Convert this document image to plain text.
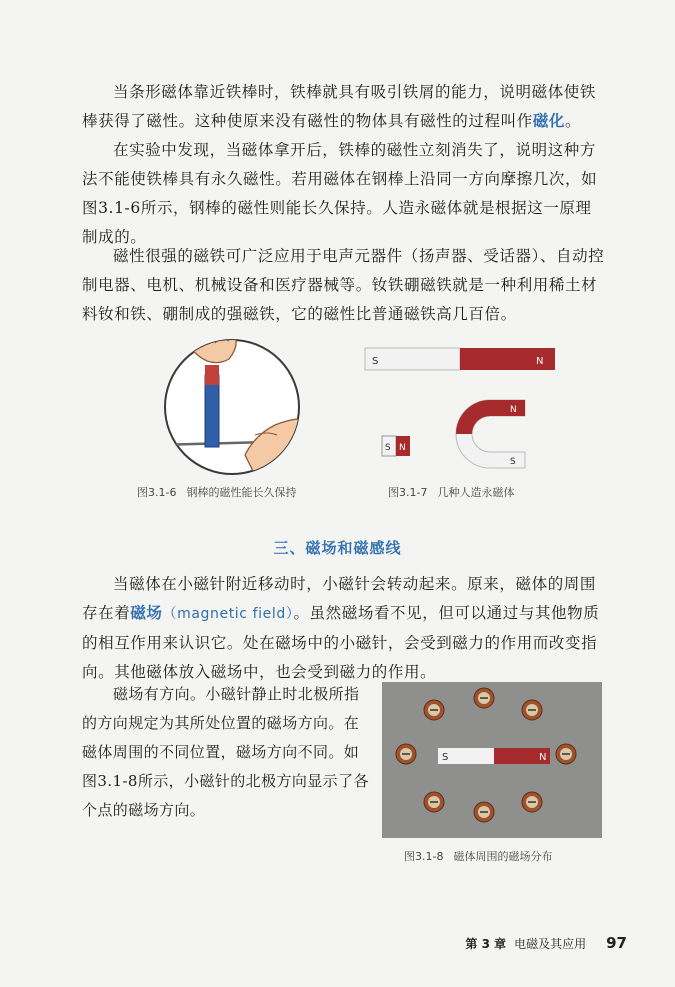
当条形磁体靠近铁棒时，铁棒就具有吸引铁屑的能力，说明磁体使铁棒获得了磁性。这种使原来没有磁性的物体具有磁性的过程叫作磁化。

在实验中发现，当磁体拿开后，铁棒的磁性立刻消失了，说明这种方法不能使铁棒具有永久磁性。若用磁体在钢棒上沿同一方向摩擦几次，如图3.1-6所示，钢棒的磁性则能长久保持。人造永磁体就是根据这一原理制成的。

磁性很强的磁铁可广泛应用于电声元器件（扬声器、受话器）、自动控制电器、电机、机械设备和医疗器械等。钕铁硼磁铁就是一种利用稀土材料钕和铁、硼制成的强磁铁，它的磁性比普通磁铁高几百倍。

图3.1-6 钢棒的磁性能长久保持
S	N
N
S
S N
图3.1-7 几种人造永磁体
三、磁场和磁感线

当磁体在小磁针附近移动时，小磁针会转动起来。原来，磁体的周围存在着磁场（magnetic field）。虽然磁场看不见，但可以通过与其他物质的相互作用来认识它。处在磁场中的小磁针，会受到磁力的作用而改变指向。其他磁体放入磁场中，也会受到磁力的作用。

磁场有方向。小磁针静止时北极所指的方向规定为其所处位置的磁场方向。在磁体周围的不同位置，磁场方向不同。如图3.1-8所示，小磁针的北极方向显示了各个点的磁场方向。

S	N
图3.1-8 磁体周围的磁场分布
第 3 章 电磁及其应用 97
